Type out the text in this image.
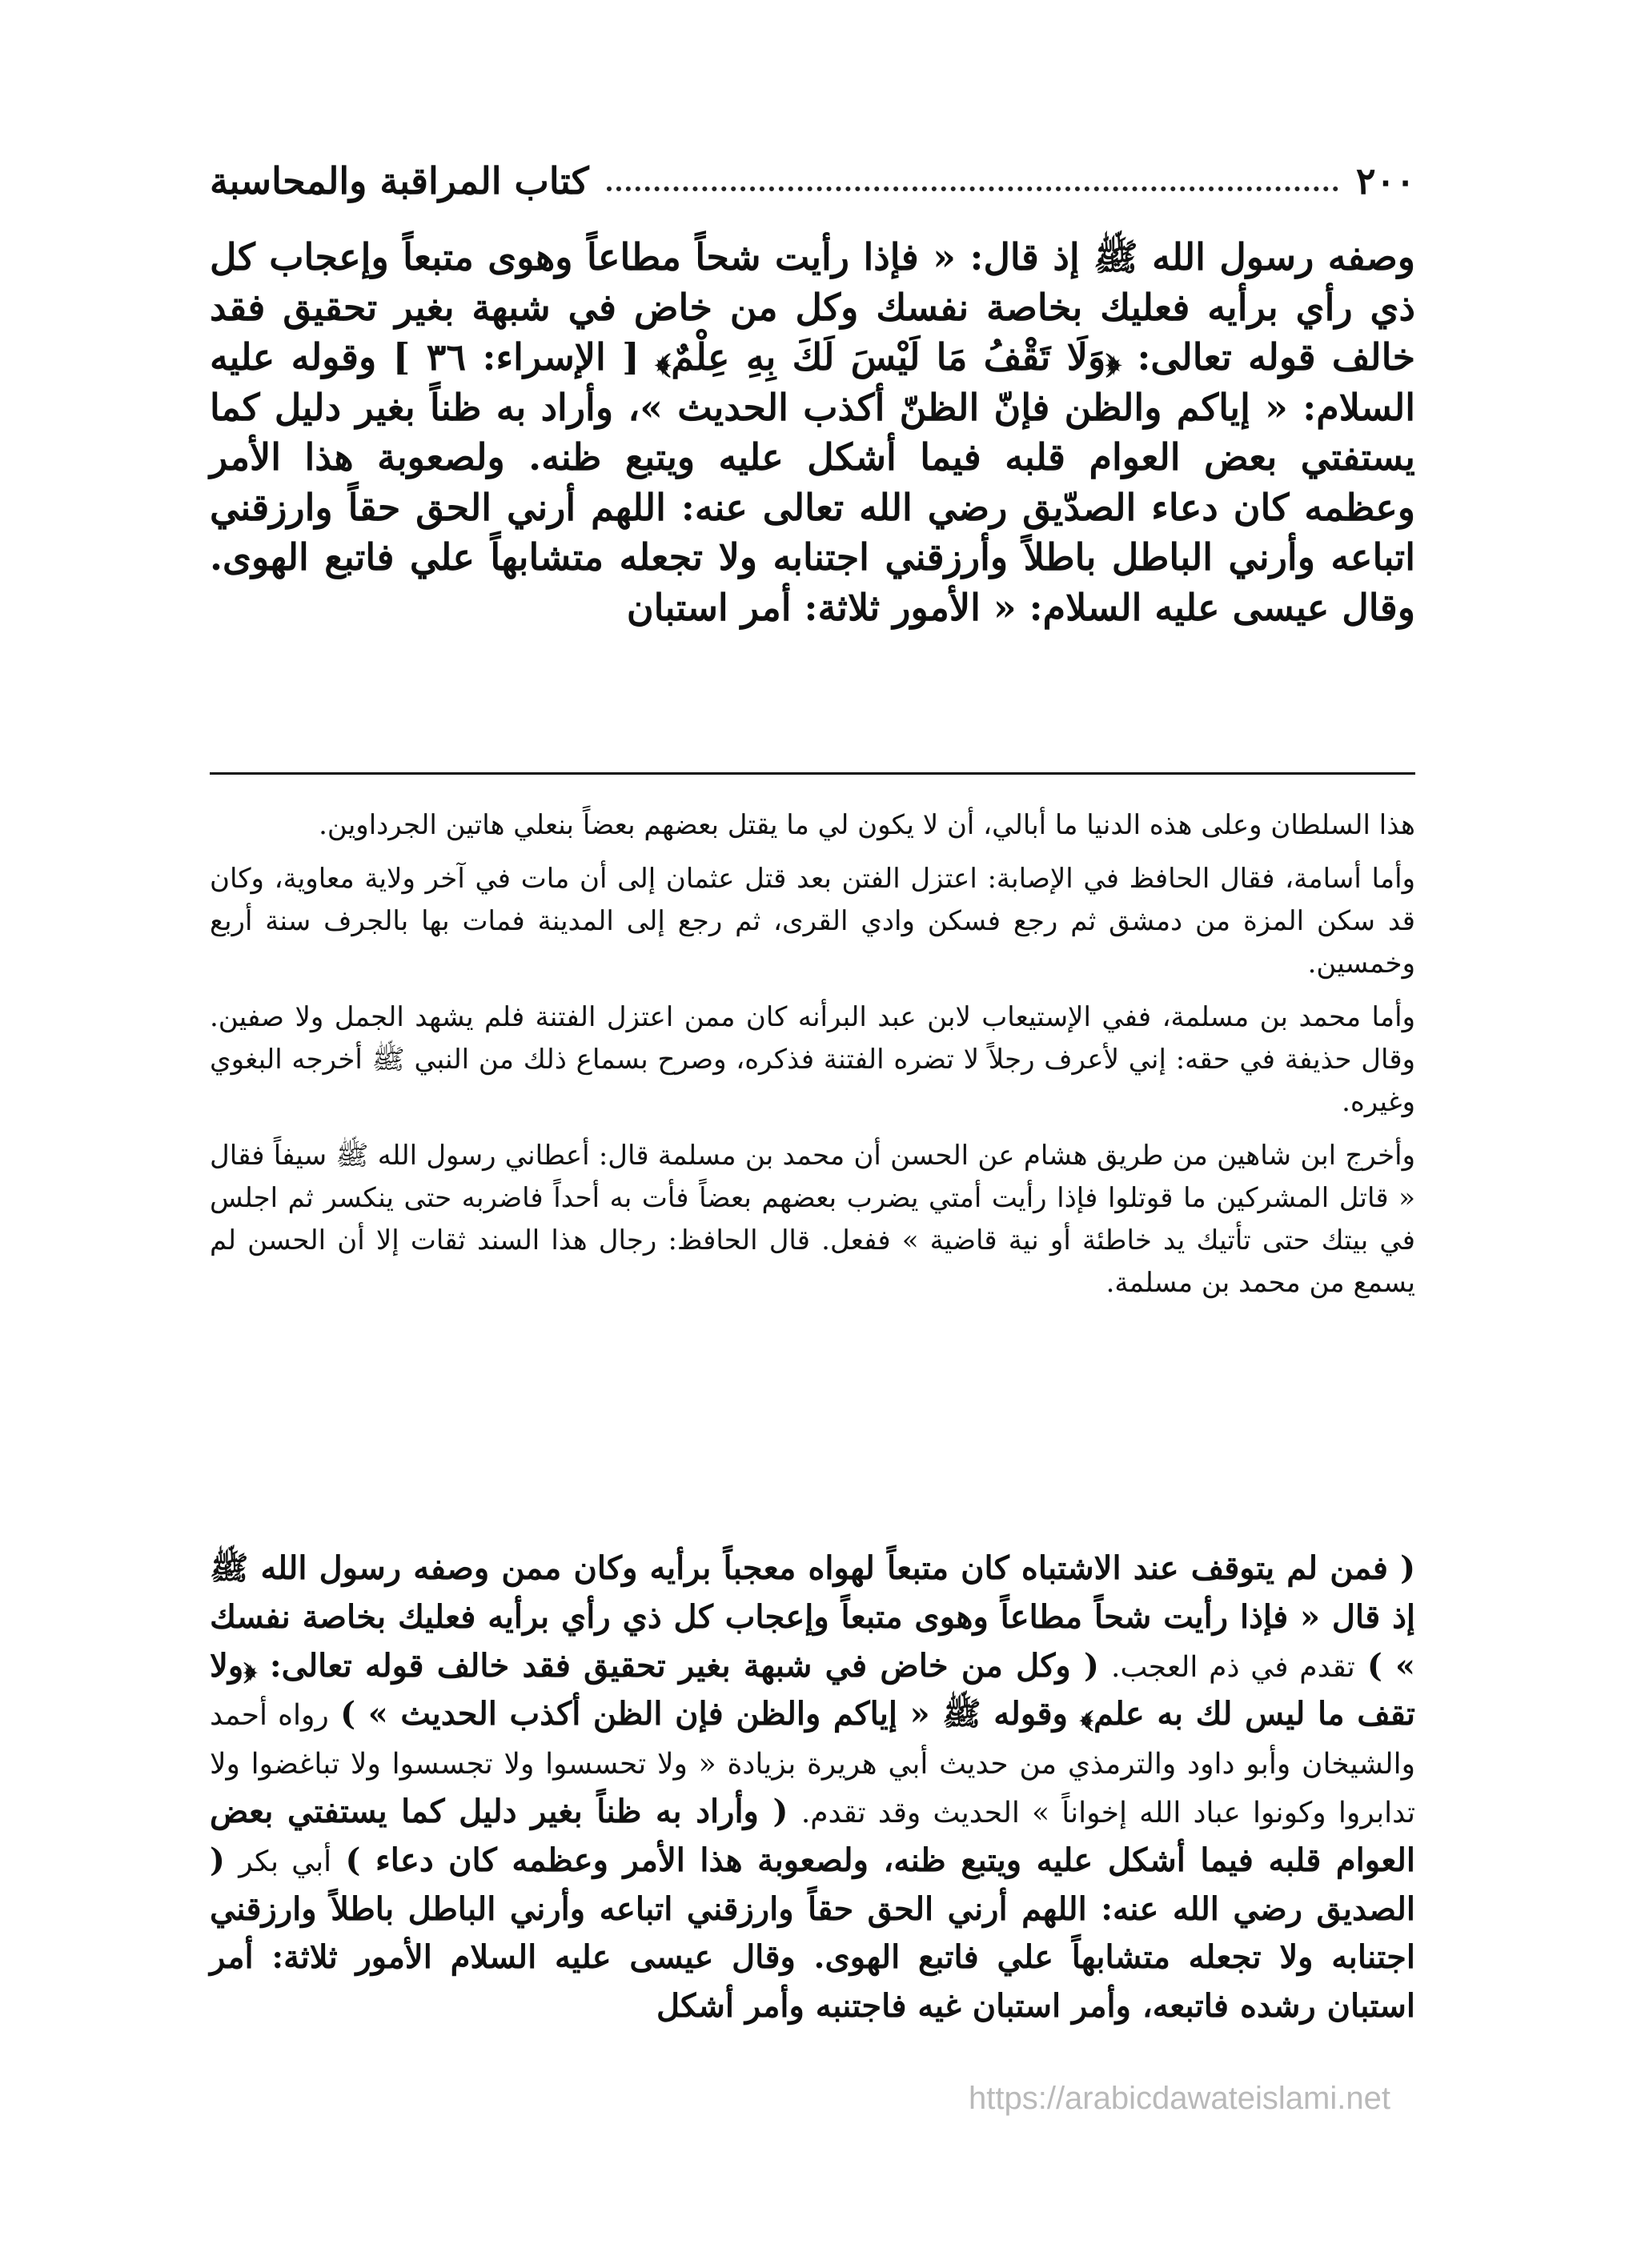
٢٠٠
كتاب المراقبة والمحاسبة

وصفه رسول الله ﷺ إذ قال: « فإذا رأيت شحاً مطاعاً وهوى متبعاً وإعجاب كل ذي رأي برأيه فعليك بخاصة نفسك وكل من خاض في شبهة بغير تحقيق فقد خالف قوله تعالى: ﴿وَلَا تَقْفُ مَا لَيْسَ لَكَ بِهِ عِلْمٌ﴾ [ الإسراء: ٣٦ ] وقوله عليه السلام: « إياكم والظن فإنّ الظنّ أكذب الحديث »، وأراد به ظناً بغير دليل كما يستفتي بعض العوام قلبه فيما أشكل عليه ويتبع ظنه. ولصعوبة هذا الأمر وعظمه كان دعاء الصدّيق رضي الله تعالى عنه: اللهم أرني الحق حقاً وارزقني اتباعه وأرني الباطل باطلاً وأرزقني اجتنابه ولا تجعله متشابهاً علي فاتبع الهوى. وقال عيسى عليه السلام: « الأمور ثلاثة: أمر استبان

هذا السلطان وعلى هذه الدنيا ما أبالي، أن لا يكون لي ما يقتل بعضهم بعضاً بنعلي هاتين الجرداوين.

وأما أسامة، فقال الحافظ في الإصابة: اعتزل الفتن بعد قتل عثمان إلى أن مات في آخر ولاية معاوية، وكان قد سكن المزة من دمشق ثم رجع فسكن وادي القرى، ثم رجع إلى المدينة فمات بها بالجرف سنة أربع وخمسين.

وأما محمد بن مسلمة، ففي الإستيعاب لابن عبد البرأنه كان ممن اعتزل الفتنة فلم يشهد الجمل ولا صفين. وقال حذيفة في حقه: إني لأعرف رجلاً لا تضره الفتنة فذكره، وصرح بسماع ذلك من النبي ﷺ أخرجه البغوي وغيره.

وأخرج ابن شاهين من طريق هشام عن الحسن أن محمد بن مسلمة قال: أعطاني رسول الله ﷺ سيفاً فقال « قاتل المشركين ما قوتلوا فإذا رأيت أمتي يضرب بعضهم بعضاً فأت به أحداً فاضربه حتى ينكسر ثم اجلس في بيتك حتى تأتيك يد خاطئة أو نية قاضية » ففعل. قال الحافظ: رجال هذا السند ثقات إلا أن الحسن لم يسمع من محمد بن مسلمة.

( فمن لم يتوقف عند الاشتباه كان متبعاً لهواه معجباً برأيه وكان ممن وصفه رسول الله ﷺ إذ قال « فإذا رأيت شحاً مطاعاً وهوى متبعاً وإعجاب كل ذي رأي برأيه فعليك بخاصة نفسك » ) تقدم في ذم العجب. ( وكل من خاض في شبهة بغير تحقيق فقد خالف قوله تعالى: ﴿ولا تقف ما ليس لك به علم﴾ وقوله ﷺ « إياكم والظن فإن الظن أكذب الحديث » ) رواه أحمد والشيخان وأبو داود والترمذي من حديث أبي هريرة بزيادة « ولا تحسسوا ولا تجسسوا ولا تباغضوا ولا تدابروا وكونوا عباد الله إخواناً » الحديث وقد تقدم. ( وأراد به ظناً بغير دليل كما يستفتي بعض العوام قلبه فيما أشكل عليه ويتبع ظنه، ولصعوبة هذا الأمر وعظمه كان دعاء ) أبي بكر ( الصديق رضي الله عنه: اللهم أرني الحق حقاً وارزقني اتباعه وأرني الباطل باطلاً وارزقني اجتنابه ولا تجعله متشابهاً علي فاتبع الهوى. وقال عيسى عليه السلام الأمور ثلاثة: أمر استبان رشده فاتبعه، وأمر استبان غيه فاجتنبه وأمر أشكل

https://arabicdawateislami.net
